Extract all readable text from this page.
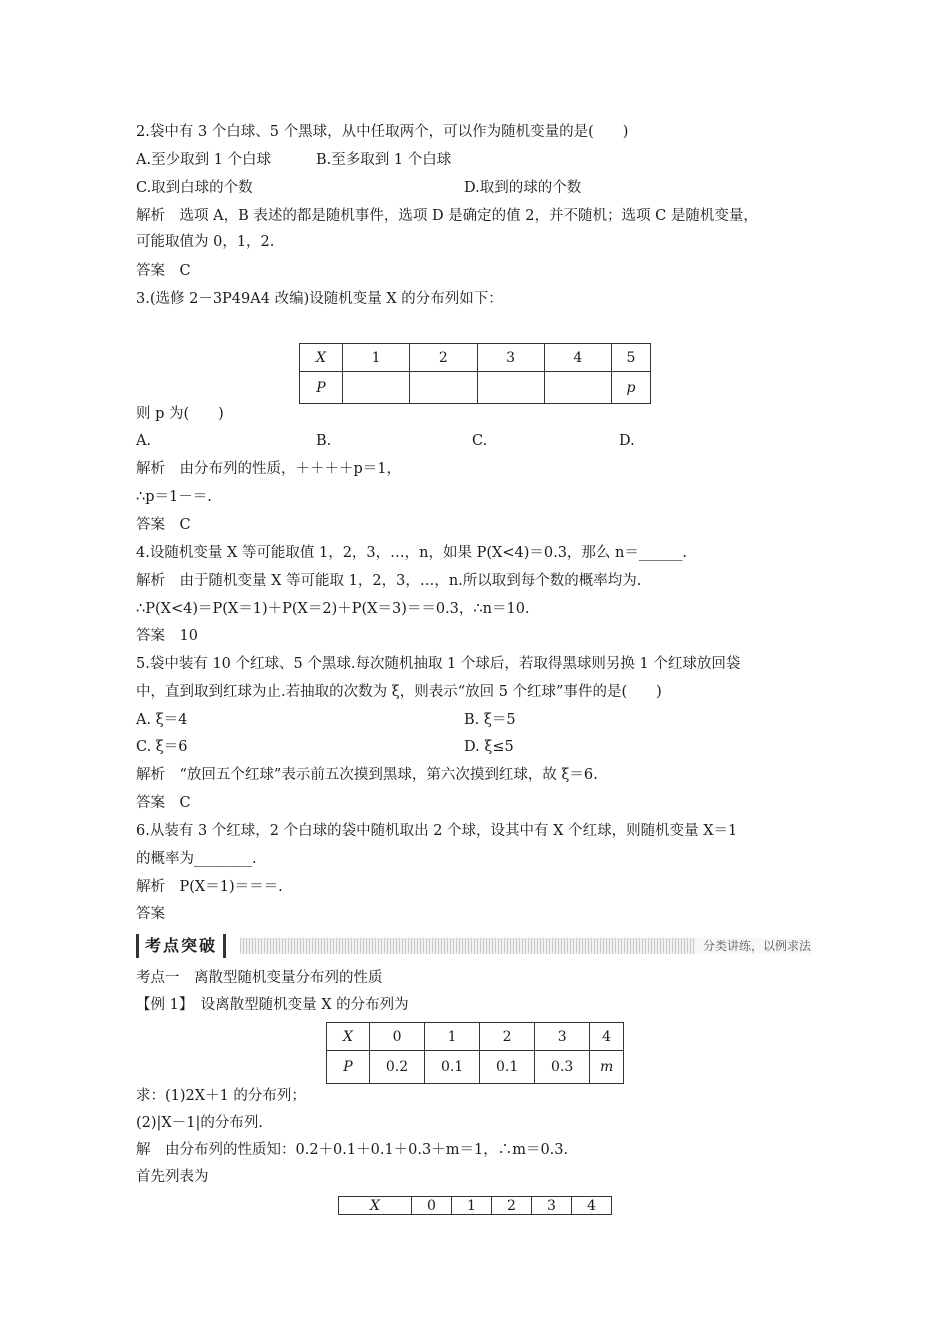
2.袋中有 3 个白球、5 个黑球，从中任取两个，可以作为随机变量的是(　　)
A.至少取到 1 个白球	B.至多取到 1 个白球
C.取到白球的个数	D.取到的球的个数
解析　选项 A，B 表述的都是随机事件，选项 D 是确定的值 2，并不随机；选项 C 是随机变量，
可能取值为 0，1，2.
答案　C
3.(选修 2－3P49A4 改编)设随机变量 X 的分布列如下：
X	1	2	3	4	5
P					p
则 p 为(　　)
A.	B.	C.	D.
解析　由分布列的性质，＋＋＋＋p＝1，
∴p＝1－＝.
答案　C
4.设随机变量 X 等可能取值 1，2，3，…，n，如果 P(X<4)＝0.3，那么 n＝______.
解析　由于随机变量 X 等可能取 1，2，3，…，n.所以取到每个数的概率均为.
∴P(X<4)＝P(X＝1)＋P(X＝2)＋P(X＝3)＝＝0.3，∴n＝10.
答案　10
5.袋中装有 10 个红球、5 个黑球.每次随机抽取 1 个球后，若取得黑球则另换 1 个红球放回袋
中，直到取到红球为止.若抽取的次数为 ξ，则表示“放回 5 个红球”事件的是(　　)
A. ξ＝4	B. ξ＝5
C. ξ＝6	D. ξ≤5
解析　“放回五个红球”表示前五次摸到黑球，第六次摸到红球，故 ξ＝6.
答案　C
6.从装有 3 个红球，2 个白球的袋中随机取出 2 个球，设其中有 X 个红球，则随机变量 X＝1
的概率为________.
解析　P(X＝1)＝＝＝.
答案
考点突破	分类讲练，以例求法
考点一　离散型随机变量分布列的性质
【例 1】　设离散型随机变量 X 的分布列为
X	0	1	2	3	4
P	0.2	0.1	0.1	0.3	m
求：(1)2X＋1 的分布列；
(2)|X－1|的分布列.
解　由分布列的性质知：0.2＋0.1＋0.1＋0.3＋m＝1，∴m＝0.3.
首先列表为
X	0	1	2	3	4
